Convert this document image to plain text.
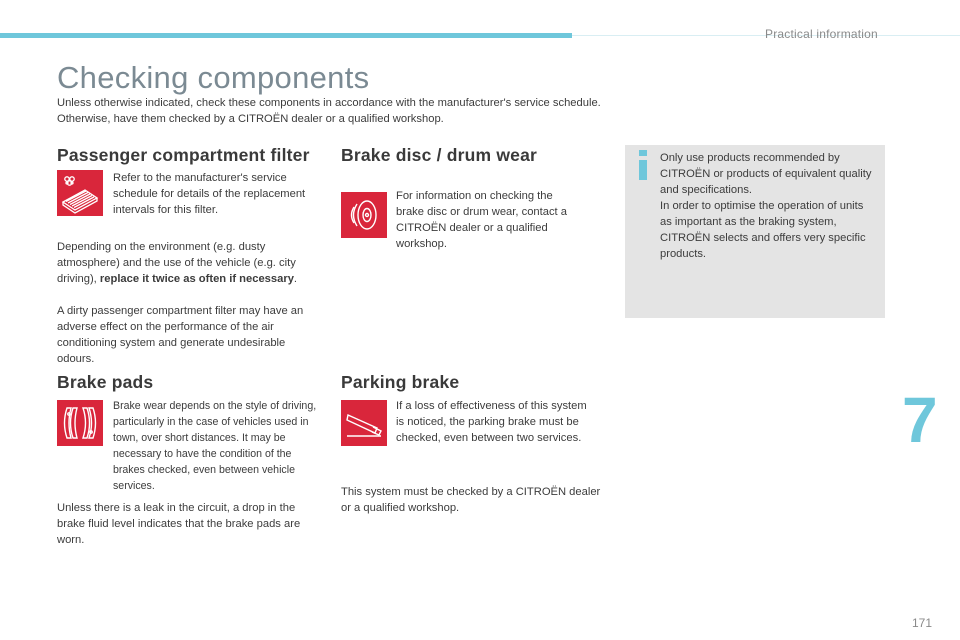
Practical information
Checking components

Unless otherwise indicated, check these components in accordance with the manufacturer's service schedule.
Otherwise, have them checked by a CITROËN dealer or a qualified workshop.

Passenger compartment filter

Refer to the manufacturer's service schedule for details of the replacement intervals for this filter.

Depending on the environment (e.g. dusty atmosphere) and the use of the vehicle (e.g. city driving), replace it twice as often if necessary.

A dirty passenger compartment filter may have an adverse effect on the performance of the air conditioning system and generate undesirable odours.

Brake pads

Brake wear depends on the style of driving, particularly in the case of vehicles used in town, over short distances. It may be necessary to have the condition of the brakes checked, even between vehicle services.

Unless there is a leak in the circuit, a drop in the brake fluid level indicates that the brake pads are worn.

Brake disc / drum wear

For information on checking the brake disc or drum wear, contact a CITROËN dealer or a qualified workshop.

Parking brake

If a loss of effectiveness of this system is noticed, the parking brake must be checked, even between two services.

This system must be checked by a CITROËN dealer or a qualified workshop.

Only use products recommended by CITROËN or products of equivalent quality and specifications.
In order to optimise the operation of units as important as the braking system, CITROËN selects and offers very specific products.
7
171
